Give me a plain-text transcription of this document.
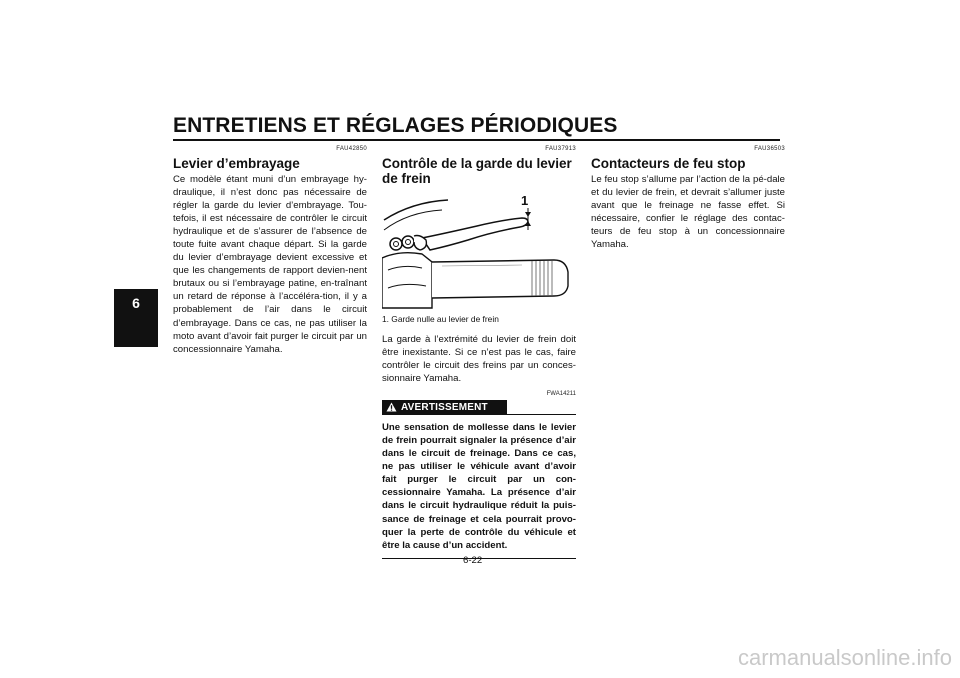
ENTRETIENS ET RÉGLAGES PÉRIODIQUES
6
FAU42850
Levier d’embrayage

Ce modèle étant muni d’un embrayage hy-draulique, il n’est donc pas nécessaire de régler la garde du levier d’embrayage. Tou-tefois, il est nécessaire de contrôler le circuit hydraulique et de s’assurer de l’absence de toute fuite avant chaque départ. Si la garde du levier d’embrayage devient excessive et que les changements de rapport devien-nent brutaux ou si l’embrayage patine, en-traînant un retard de réponse à l’accéléra-tion, il y a probablement de l’air dans le circuit d’embrayage. Dans ce cas, ne pas utiliser la moto avant d’avoir fait purger le circuit par un concessionnaire Yamaha.

FAU37913
Contrôle de la garde du levier de frein
1
1. Garde nulle au levier de frein

La garde à l’extrémité du levier de frein doit être inexistante. Si ce n’est pas le cas, faire contrôler le circuit des freins par un conces-sionnaire Yamaha.

FWA14211
AVERTISSEMENT

Une sensation de mollesse dans le levier de frein pourrait signaler la présence d’air dans le circuit de freinage. Dans ce cas, ne pas utiliser le véhicule avant d’avoir fait purger le circuit par un con-cessionnaire Yamaha. La présence d’air dans le circuit hydraulique réduit la puis-sance de freinage et cela pourrait provo-quer la perte de contrôle du véhicule et être la cause d’un accident.

FAU36503
Contacteurs de feu stop

Le feu stop s’allume par l’action de la pé-dale et du levier de frein, et devrait s’allumer juste avant que le freinage ne fasse effet. Si nécessaire, confier le réglage des contac-teurs de feu stop à un concessionnaire Yamaha.

6-22
carmanualsonline.info
